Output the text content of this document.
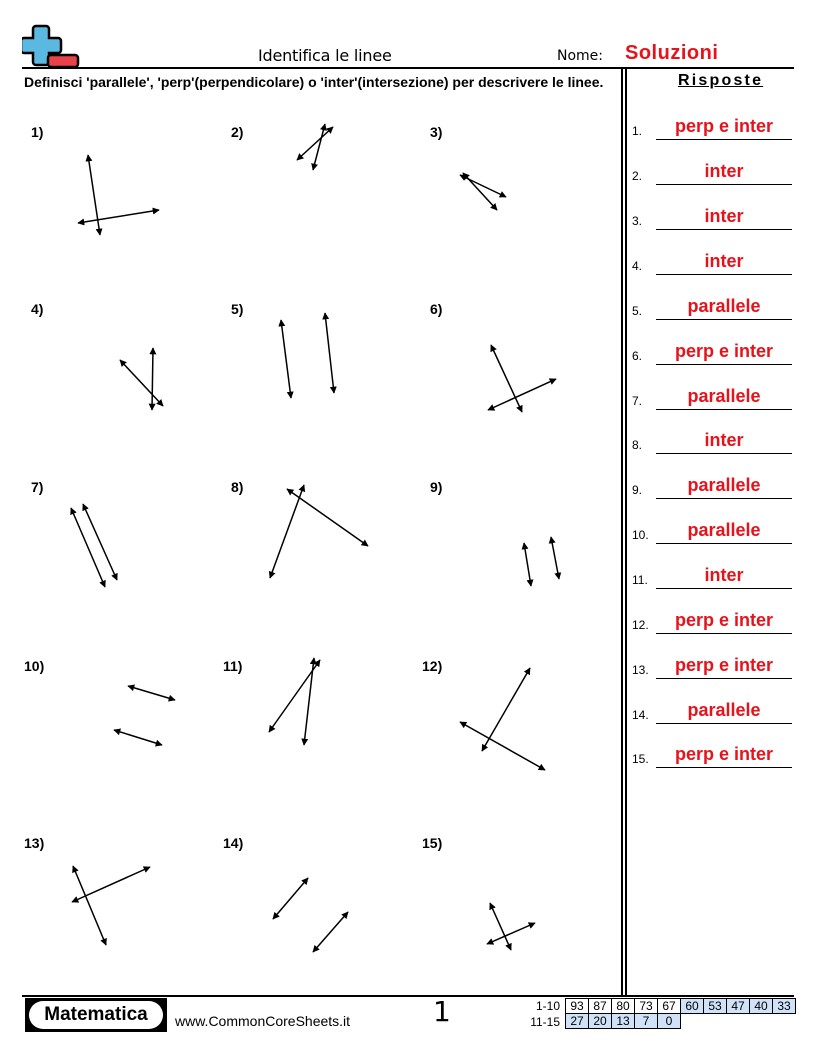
Identifica le linee	Nome: Soluzioni
Definisci 'parallele', 'perp'(perpendicolare) o 'inter'(intersezione) per descrivere le linee.	Risposte
1)	2)	3)
4)	5)	6)
7)	8)	9)
10)	11)	12)
13)	14)	15)
1.	perp e inter
2.	inter
3.	inter
4.	inter
5.	parallele
6.	perp e inter
7.	parallele
8.	inter
9.	parallele
10.	parallele
11.	inter
12.	perp e inter
13.	perp e inter
14.	parallele
15.	perp e inter
Matematica	www.CommonCoreSheets.it	1	1-10
11-15
93	87	80	73	67	60	53	47	40	33
27	20	13	7	0					
